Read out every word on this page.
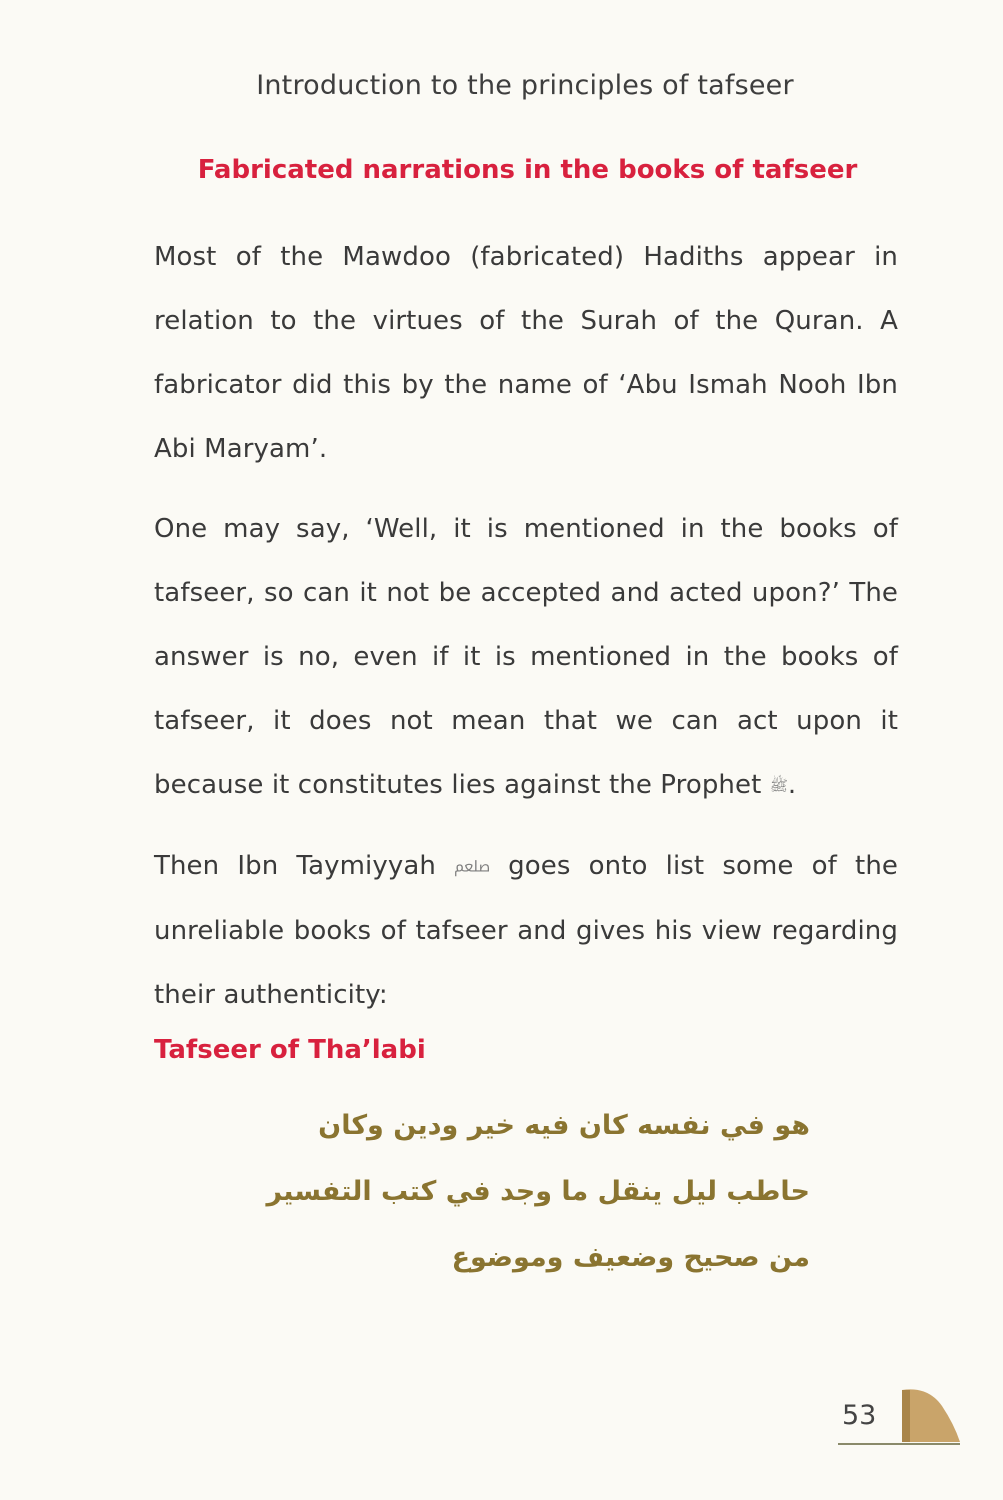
Introduction to the principles of tafseer
Fabricated narrations in the books of tafseer

Most of the Mawdoo (fabricated) Hadiths appear in relation to the virtues of the Surah of the Quran. A fabricator did this by the name of ‘Abu Ismah Nooh Ibn Abi Maryam’.

One may say, ‘Well, it is mentioned in the books of tafseer, so can it not be accepted and acted upon?’ The answer is no, even if it is mentioned in the books of tafseer, it does not mean that we can act upon it because it constitutes lies against the Prophet ﷺ.

Then Ibn Taymiyyah ﷵ goes onto list some of the unreliable books of tafseer and gives his view regarding their authenticity:

Tafseer of Tha’labi
هو في نفسه كان فيه خير ودين وكان حاطب ليل ينقل ما وجد في كتب التفسير من صحيح وضعيف وموضوع
53
